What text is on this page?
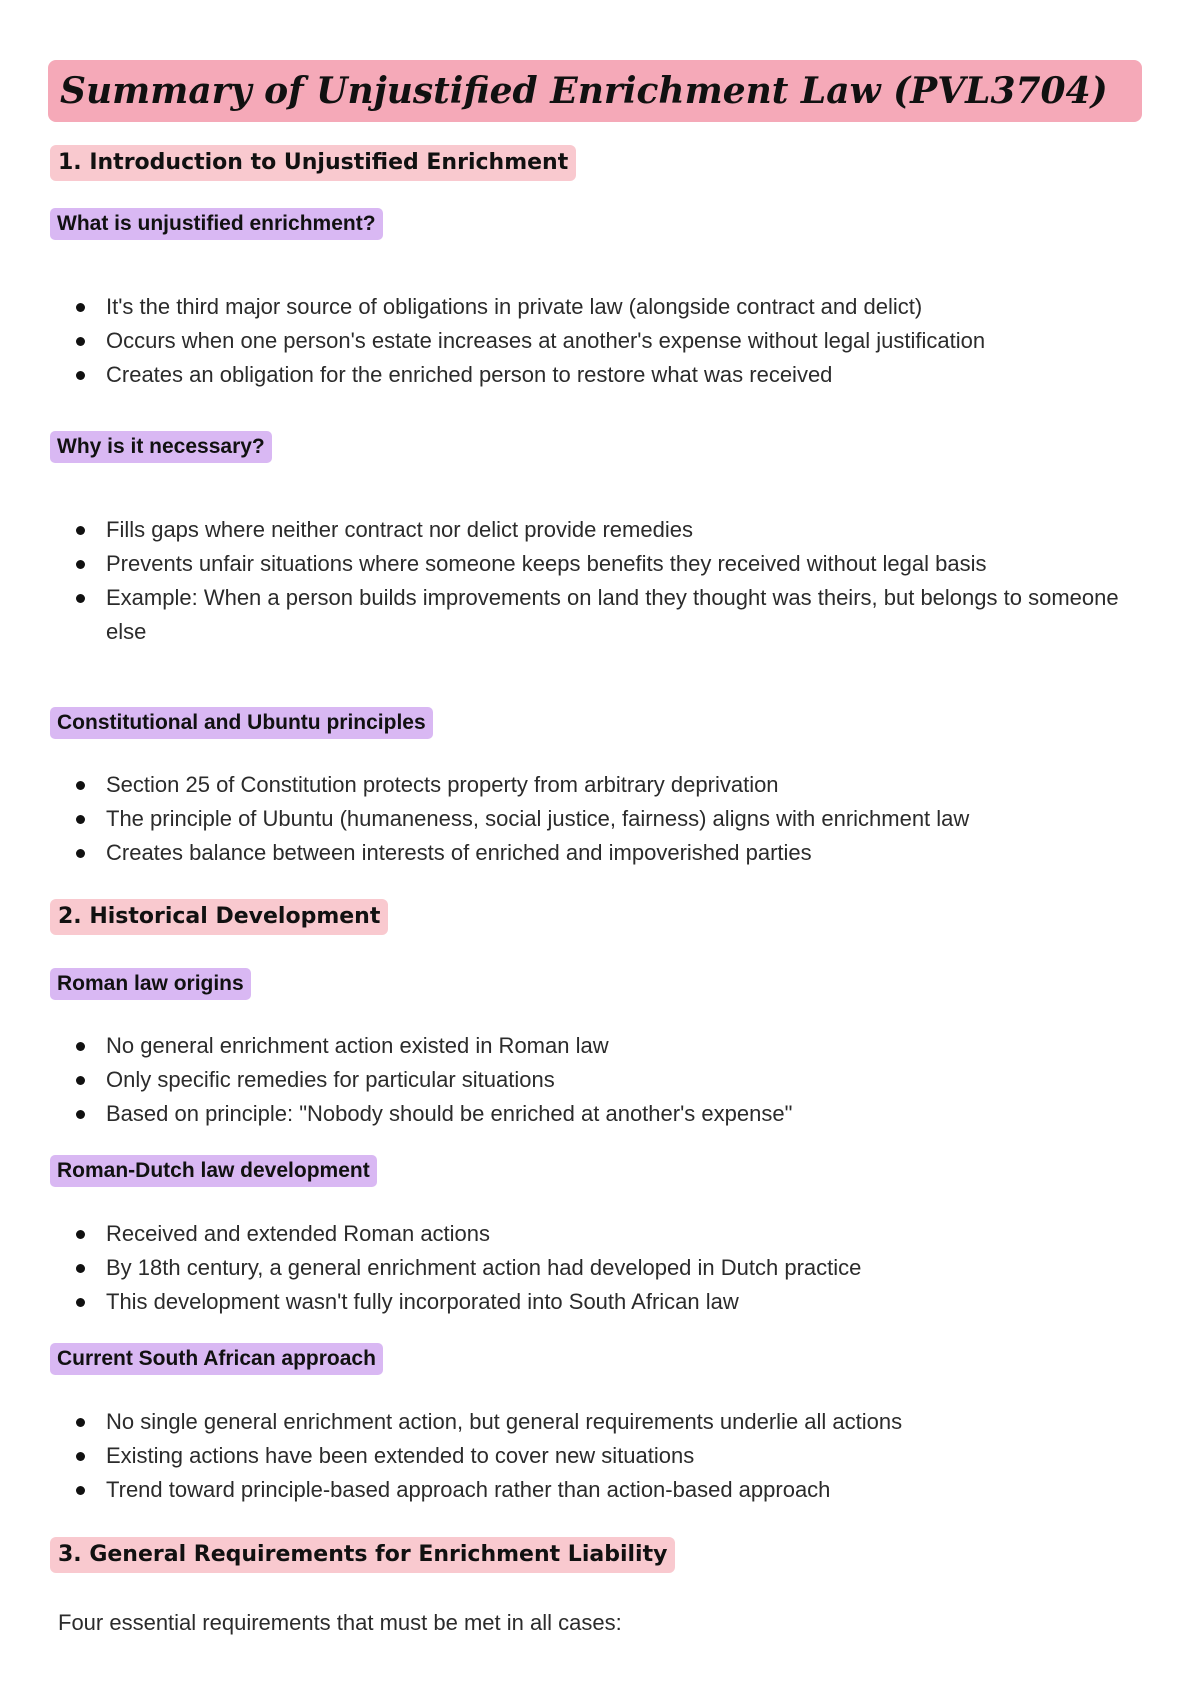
Summary of Unjustified Enrichment Law (PVL3704)
1. Introduction to Unjustified Enrichment
What is unjustified enrichment?
It's the third major source of obligations in private law (alongside contract and delict)
Occurs when one person's estate increases at another's expense without legal justification
Creates an obligation for the enriched person to restore what was received
Why is it necessary?
Fills gaps where neither contract nor delict provide remedies
Prevents unfair situations where someone keeps benefits they received without legal basis
Example: When a person builds improvements on land they thought was theirs, but belongs to someone else
Constitutional and Ubuntu principles
Section 25 of Constitution protects property from arbitrary deprivation
The principle of Ubuntu (humaneness, social justice, fairness) aligns with enrichment law
Creates balance between interests of enriched and impoverished parties
2. Historical Development
Roman law origins
No general enrichment action existed in Roman law
Only specific remedies for particular situations
Based on principle: "Nobody should be enriched at another's expense"
Roman-Dutch law development
Received and extended Roman actions
By 18th century, a general enrichment action had developed in Dutch practice
This development wasn't fully incorporated into South African law
Current South African approach
No single general enrichment action, but general requirements underlie all actions
Existing actions have been extended to cover new situations
Trend toward principle-based approach rather than action-based approach
3. General Requirements for Enrichment Liability
Four essential requirements that must be met in all cases:
